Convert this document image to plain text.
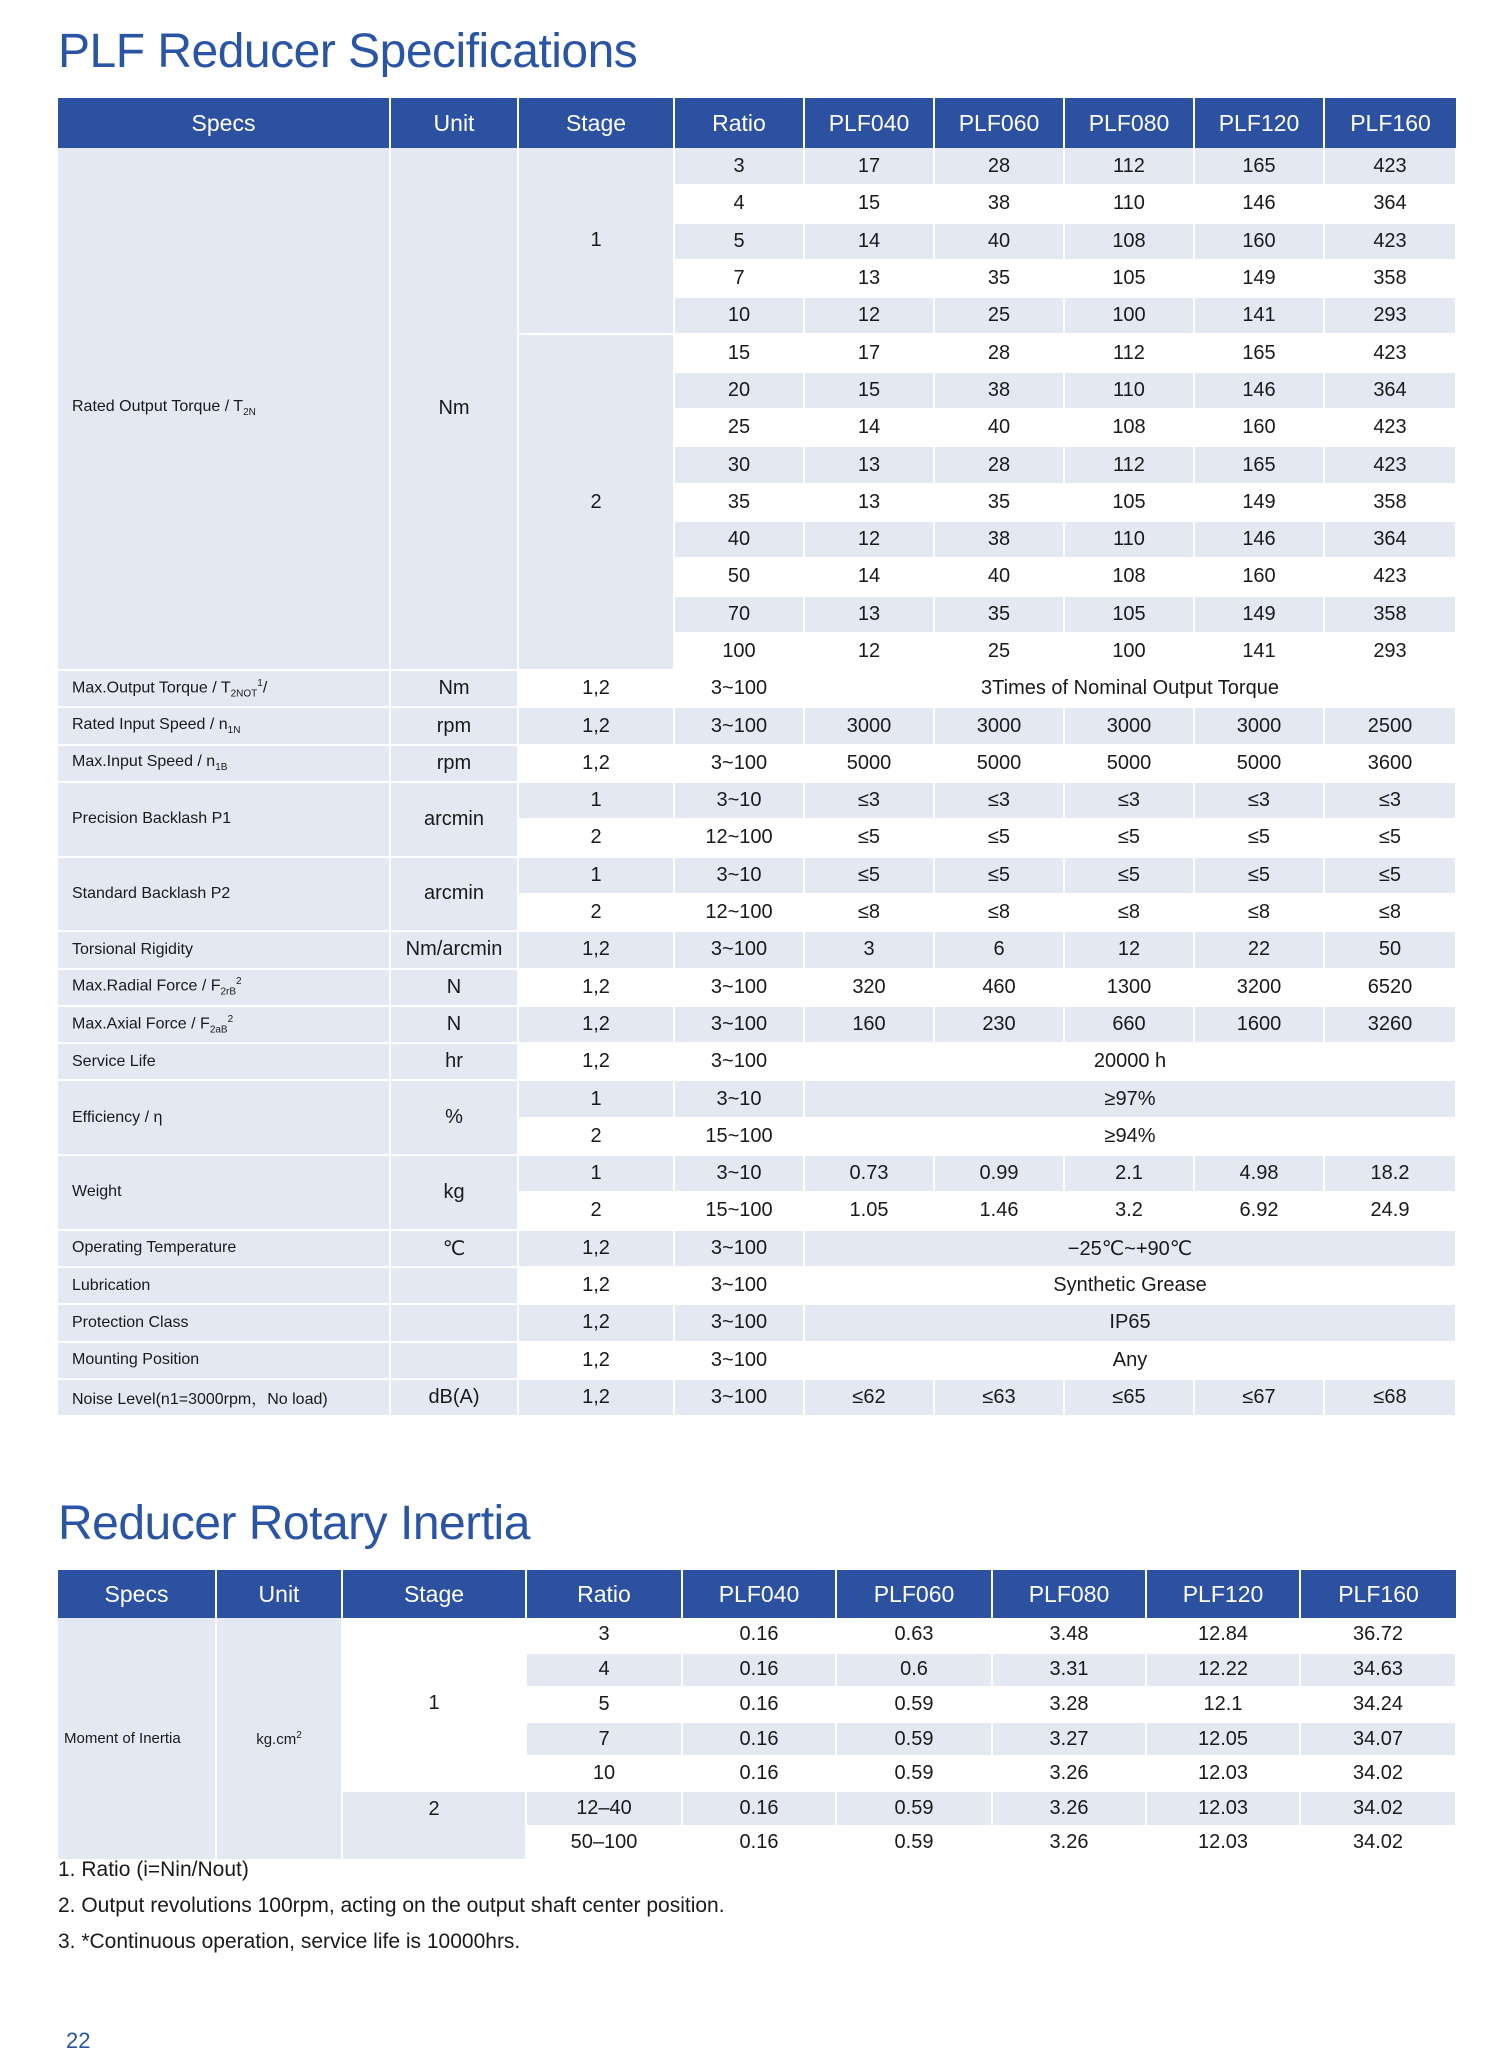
PLF Reducer Specifications
Specs	Unit	Stage	Ratio	PLF040	PLF060	PLF080	PLF120	PLF160
Rated Output Torque / $T_{2N}$	Nm	1	3	17	28	112	165	423
			4	15	38	110	146	364
			5	14	40	108	160	423
			7	13	35	105	149	358
			10	12	25	100	141	293
		2	15	17	28	112	165	423
			20	15	38	110	146	364
			25	14	40	108	160	423
			30	13	28	112	165	423
			35	13	35	105	149	358
			40	12	38	110	146	364
			50	14	40	108	160	423
			70	13	35	105	149	358
			100	12	25	100	141	293
Max.Output Torque / $T_{2NOT}^1/$	Nm	1,2	3~100	3Times of Nominal Output Torque				
Rated Input Speed / $n_{1N}$	rpm	1,2	3~100	3000	3000	3000	3000	2500
Max.Input Speed / $n_{1B}$	rpm	1,2	3~100	5000	5000	5000	5000	3600
Precision Backlash P1	arcmin	1	3~10	≤3	≤3	≤3	≤3	≤3
		2	12~100	≤5	≤5	≤5	≤5	≤5
Standard Backlash P2	arcmin	1	3~10	≤5	≤5	≤5	≤5	≤5
		2	12~100	≤8	≤8	≤8	≤8	≤8
Torsional Rigidity	Nm/arcmin	1,2	3~100	3	6	12	22	50
Max.Radial Force / $F_{2rB}^2$	N	1,2	3~100	320	460	1300	3200	6520
Max.Axial Force / $F_{2aB}^2$	N	1,2	3~100	160	230	660	1600	3260
Service Life	hr	1,2	3~100	20000 h				
Efficiency / η	%	1	3~10	≥97%				
		2	15~100	≥94%				
Weight	kg	1	3~10	0.73	0.99	2.1	4.98	18.2
		2	15~100	1.05	1.46	3.2	6.92	24.9
Operating Temperature	℃	1,2	3~100	−25℃~+90℃				
Lubrication		1,2	3~100	Synthetic Grease				
Protection Class		1,2	3~100	IP65				
Mounting Position		1,2	3~100	Any				
Noise Level(n1=3000rpm，No load)	dB(A)	1,2	3~100	≤62	≤63	≤65	≤67	≤68
Reducer Rotary Inertia
Specs	Unit	Stage	Ratio	PLF040	PLF060	PLF080	PLF120	PLF160
Moment of Inertia	$kg.cm^2$	1	3	0.16	0.63	3.48	12.84	36.72
			4	0.16	0.6	3.31	12.22	34.63
			5	0.16	0.59	3.28	12.1	34.24
			7	0.16	0.59	3.27	12.05	34.07
			10	0.16	0.59	3.26	12.03	34.02
		2	12–40	0.16	0.59	3.26	12.03	34.02
			50–100	0.16	0.59	3.26	12.03	34.02
1. Ratio (i=Nin/Nout)
2. Output revolutions 100rpm, acting on the output shaft center position.
3. *Continuous operation, service life is 10000hrs.
22
